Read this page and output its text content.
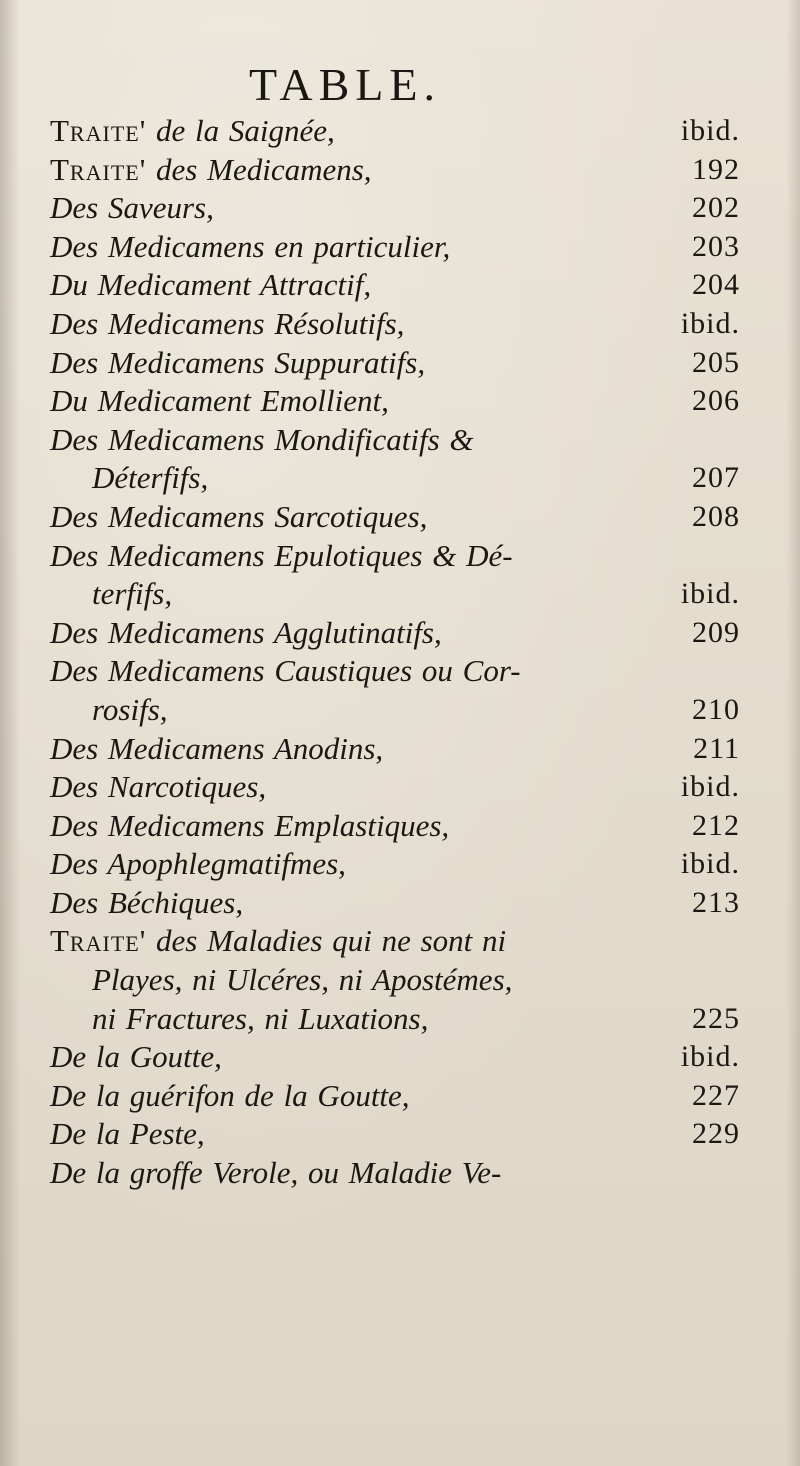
TABLE.
Traite' de la Saignée,	ibid.
Traite' des Medicamens,	192
Des Saveurs,	202
Des Medicamens en particulier,	203
Du Medicament Attractif,	204
Des Medicamens Résolutifs,	ibid.
Des Medicamens Suppuratifs,	205
Du Medicament Emollient,	206
Des Medicamens Mondificatifs &
Déterfifs,	207
Des Medicamens Sarcotiques,	208
Des Medicamens Epulotiques & Dé-
terfifs,	ibid.
Des Medicamens Agglutinatifs,	209
Des Medicamens Caustiques ou Cor-
rosifs,	210
Des Medicamens Anodins,	211
Des Narcotiques,	ibid.
Des Medicamens Emplastiques,	212
Des Apophlegmatifmes,	ibid.
Des Béchiques,	213
Traite' des Maladies qui ne sont ni
Playes, ni Ulcéres, ni Apostémes,
ni Fractures, ni Luxations,	225
De la Goutte,	ibid.
De la guérifon de la Goutte,	227
De la Peste,	229
De la groffe Verole, ou Maladie Ve-
